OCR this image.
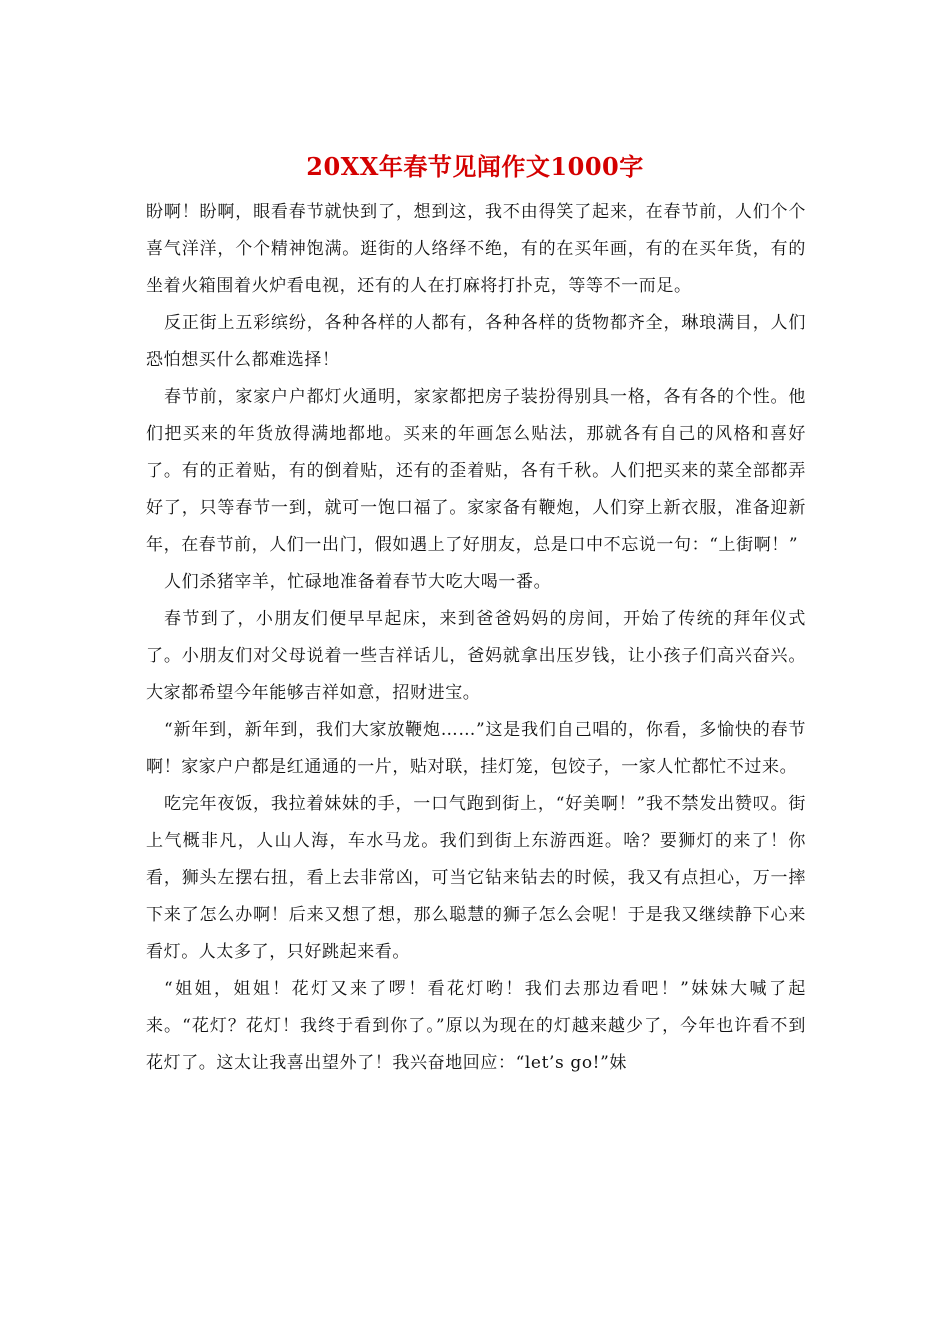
20XX年春节见闻作文1000字

盼啊！盼啊，眼看春节就快到了，想到这，我不由得笑了起来，在春节前，人们个个喜气洋洋，个个精神饱满。逛街的人络绎不绝，有的在买年画，有的在买年货，有的坐着火箱围着火炉看电视，还有的人在打麻将打扑克，等等不一而足。

反正街上五彩缤纷，各种各样的人都有，各种各样的货物都齐全，琳琅满目，人们恐怕想买什么都难选择！

春节前，家家户户都灯火通明，家家都把房子装扮得别具一格，各有各的个性。他们把买来的年货放得满地都地。买来的年画怎么贴法，那就各有自己的风格和喜好了。有的正着贴，有的倒着贴，还有的歪着贴，各有千秋。人们把买来的菜全部都弄好了，只等春节一到，就可一饱口福了。家家备有鞭炮，人们穿上新衣服，准备迎新年，在春节前，人们一出门，假如遇上了好朋友，总是口中不忘说一句：“上街啊！”

人们杀猪宰羊，忙碌地准备着春节大吃大喝一番。

春节到了，小朋友们便早早起床，来到爸爸妈妈的房间，开始了传统的拜年仪式了。小朋友们对父母说着一些吉祥话儿，爸妈就拿出压岁钱，让小孩子们高兴奋兴。大家都希望今年能够吉祥如意，招财进宝。

“新年到，新年到，我们大家放鞭炮……”这是我们自己唱的，你看，多愉快的春节啊！家家户户都是红通通的一片，贴对联，挂灯笼，包饺子，一家人忙都忙不过来。

吃完年夜饭，我拉着妹妹的手，一口气跑到街上，“好美啊！”我不禁发出赞叹。街上气概非凡，人山人海，车水马龙。我们到街上东游西逛。啥？要狮灯的来了！你看，狮头左摆右扭，看上去非常凶，可当它钻来钻去的时候，我又有点担心，万一摔下来了怎么办啊！后来又想了想，那么聪慧的狮子怎么会呢！于是我又继续静下心来看灯。人太多了，只好跳起来看。

“姐姐，姐姐！花灯又来了啰！看花灯哟！我们去那边看吧！”妹妹大喊了起来。“花灯？花灯！我终于看到你了。”原以为现在的灯越来越少了，今年也许看不到花灯了。这太让我喜出望外了！我兴奋地回应：“let’s go!”妹
